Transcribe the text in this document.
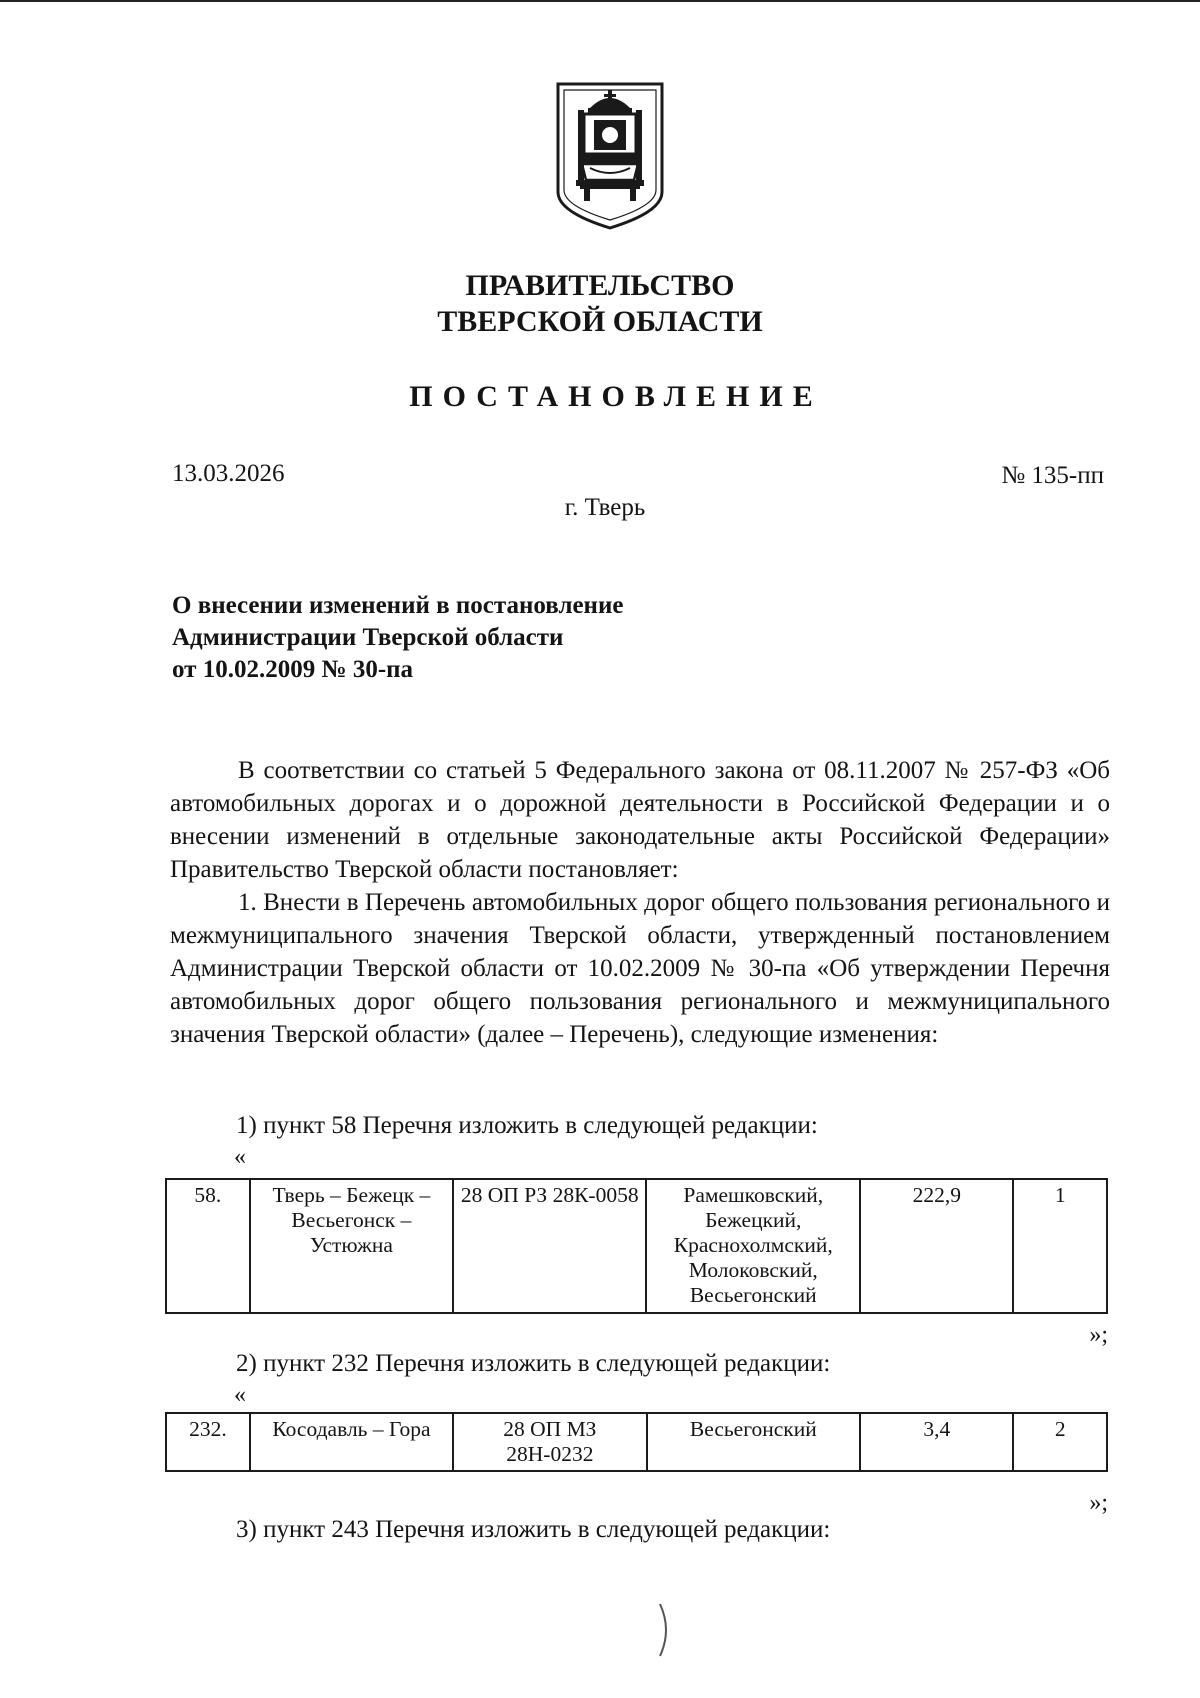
ПРАВИТЕЛЬСТВО
ТВЕРСКОЙ ОБЛАСТИ
ПОСТАНОВЛЕНИЕ
13.03.2026	№ 135-пп
г. Тверь
О внесении изменений в постановление
Администрации Тверской области
от 10.02.2009 № 30-па

В соответствии со статьей 5 Федерального закона от 08.11.2007 № 257-ФЗ «Об автомобильных дорогах и о дорожной деятельности в Российской Федерации и о внесении изменений в отдельные законодательные акты Российской Федерации» Правительство Тверской области постановляет:

1. Внести в Перечень автомобильных дорог общего пользования регионального и межмуниципального значения Тверской области, утвержденный постановлением Администрации Тверской области от 10.02.2009 № 30-па «Об утверждении Перечня автомобильных дорог общего пользования регионального и межмуниципального значения Тверской области» (далее – Перечень), следующие изменения:

1) пункт 58 Перечня изложить в следующей редакции:
«
58.	Тверь – Бежецк – Весьегонск – Устюжна	28 ОП РЗ 28К-0058	Рамешковский, Бежецкий, Краснохолмский, Молоковский, Весьегонский	222,9	1
»;
2) пункт 232 Перечня изложить в следующей редакции:
«
232.	Косодавль – Гора	28 ОП МЗ 28Н-0232	Весьегонский	3,4	2
»;
3) пункт 243 Перечня изложить в следующей редакции:
